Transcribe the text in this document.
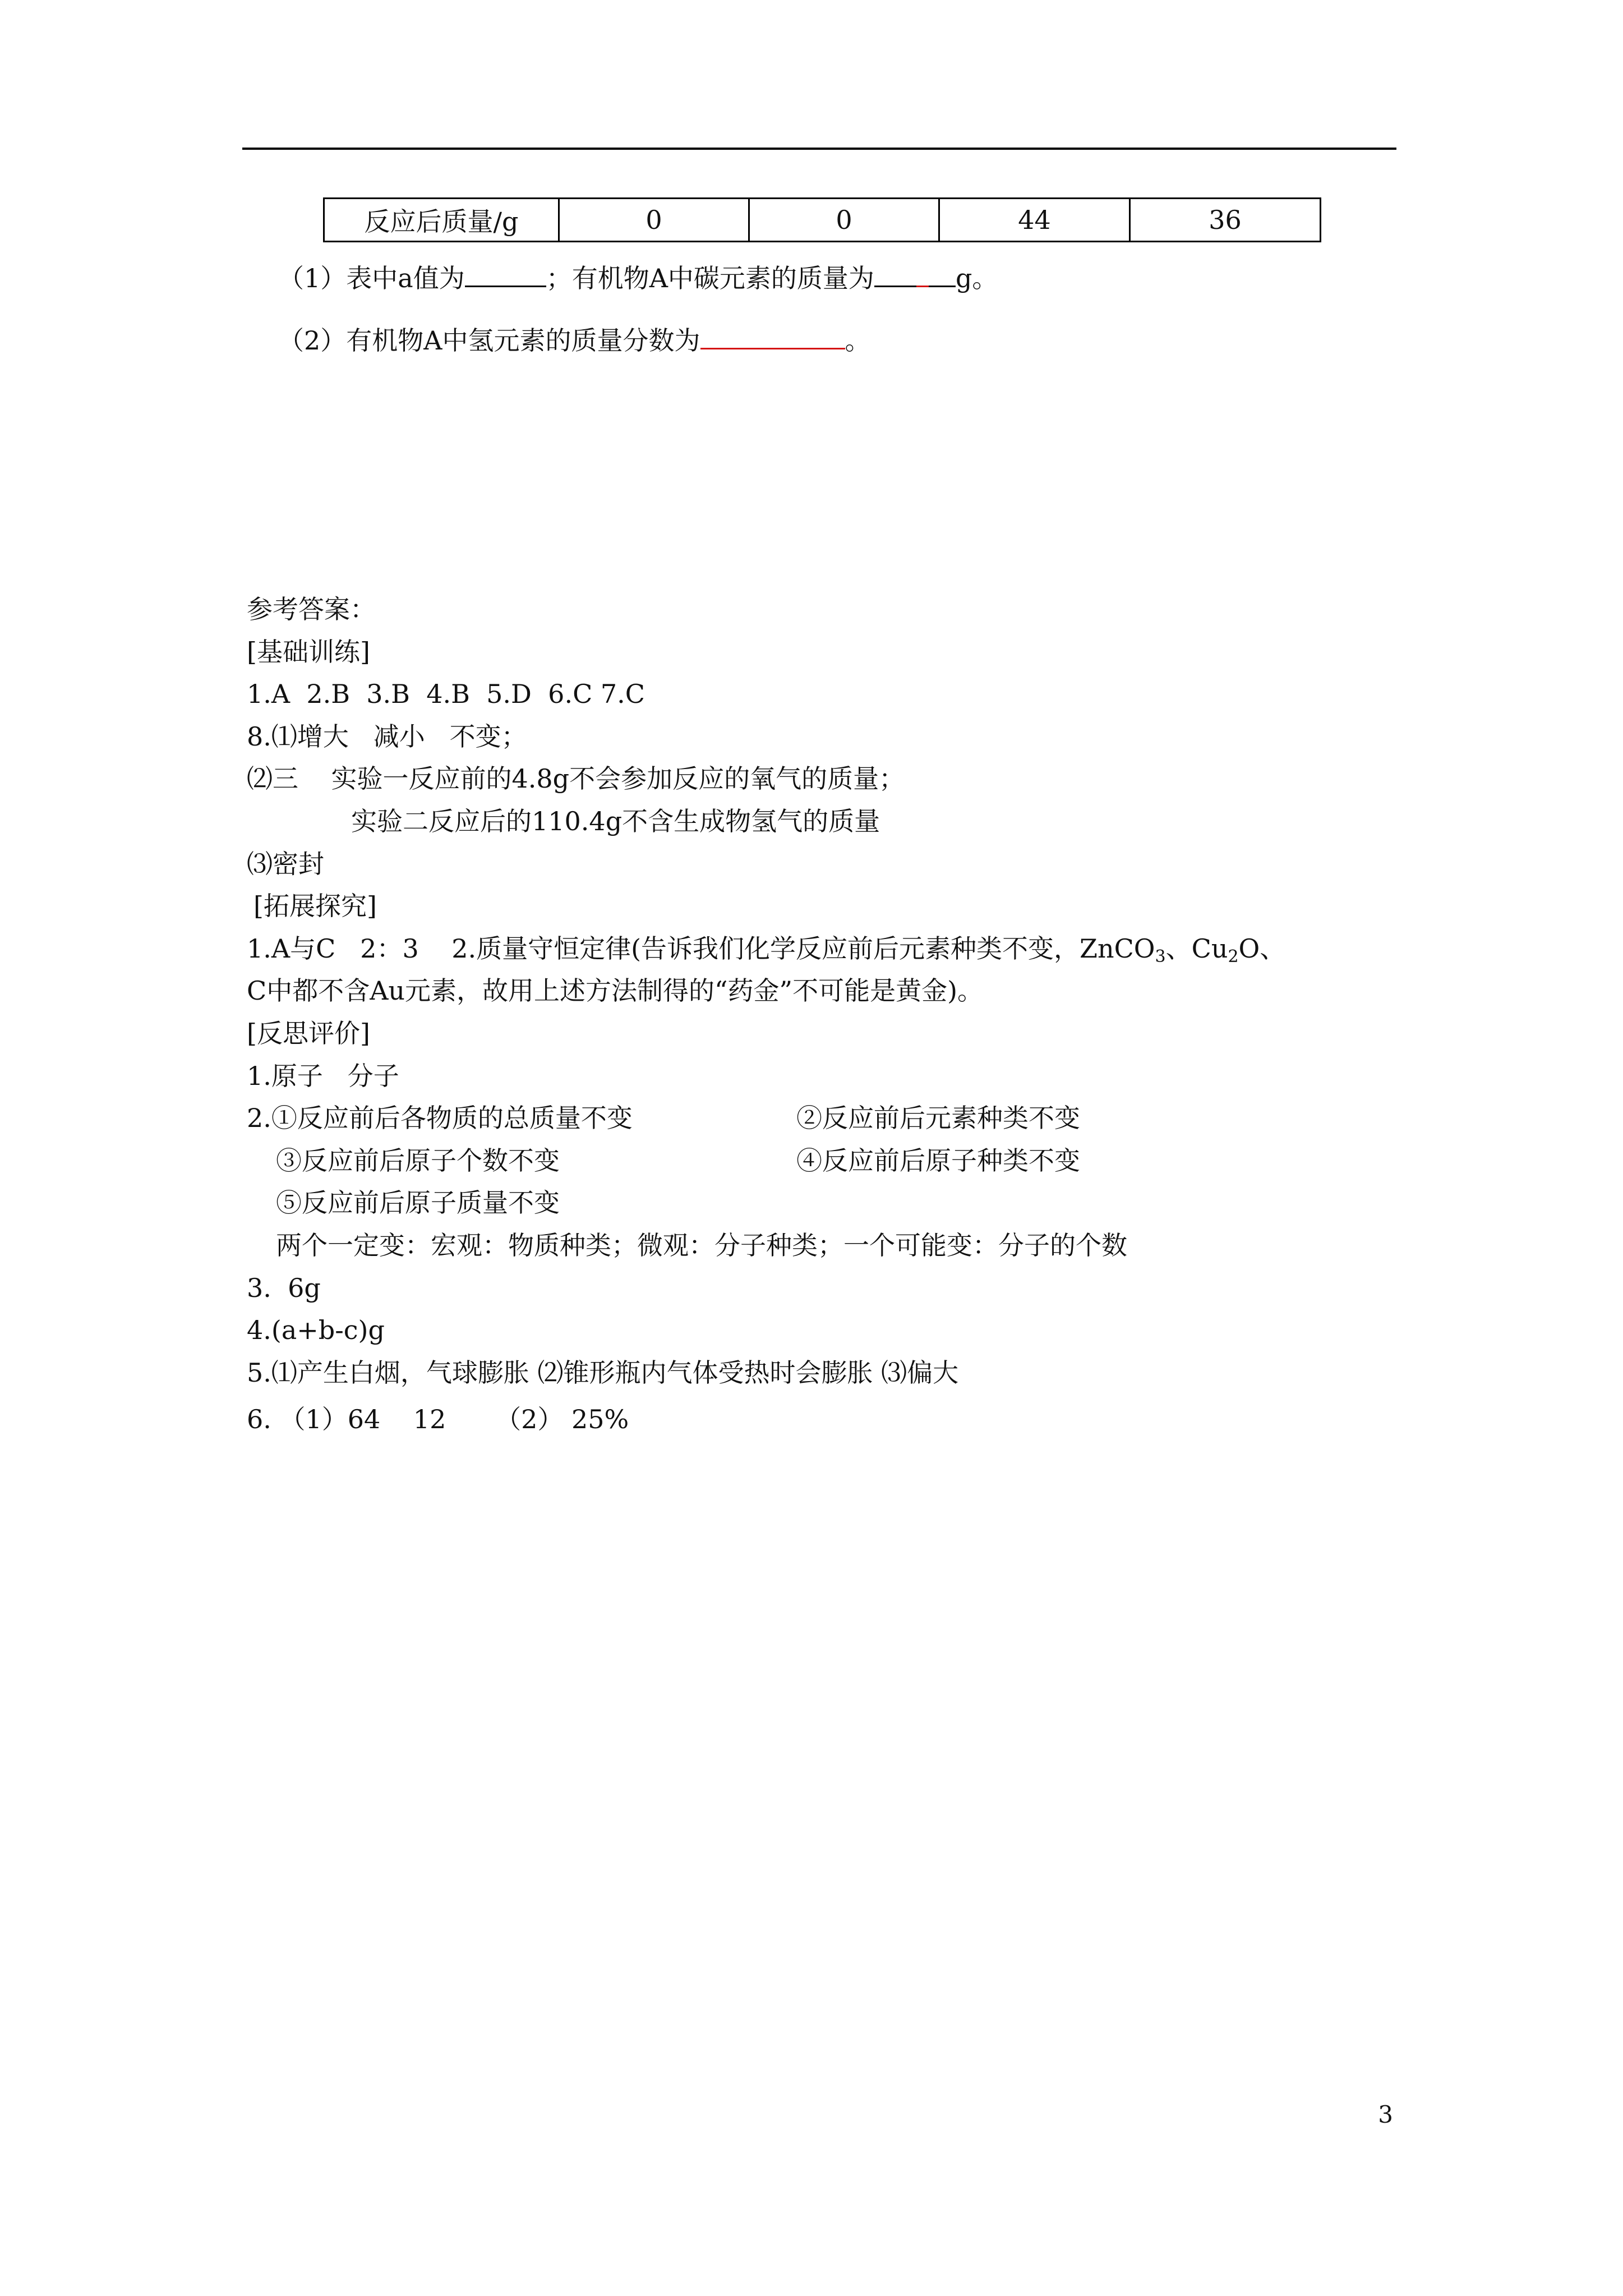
反应后质量/g	0	0	44	36
（1）表中a值为	；有机物A中碳元素的质量为	g。
（2）有机物A中氢元素的质量分数为	。
参考答案：
[基础训练]
1.A  2.B  3.B  4.B  5.D  6.C 7.C
8.⑴增大   减小   不变；
⑵三    实验一反应前的4.8g不会参加反应的氧气的质量；
实验二反应后的110.4g不含生成物氢气的质量
⑶密封
[拓展探究]
1.A与C   2：3    2.质量守恒定律(告诉我们化学反应前后元素种类不变，ZnCO$_3$、$Cu_2O$、
C中都不含Au元素，故用上述方法制得的“药金”不可能是黄金)。
[反思评价]
1.原子   分子
2.①反应前后各物质的总质量不变	②反应前后元素种类不变
③反应前后原子个数不变	④反应前后原子种类不变
⑤反应前后原子质量不变
两个一定变：宏观：物质种类；微观：分子种类；一个可能变：分子的个数
3.  6g
4.(a+b-c)g
5.⑴产生白烟，气球膨胀 ⑵锥形瓶内气体受热时会膨胀 ⑶偏大
6. （1）64    12      （2） 25%
3
